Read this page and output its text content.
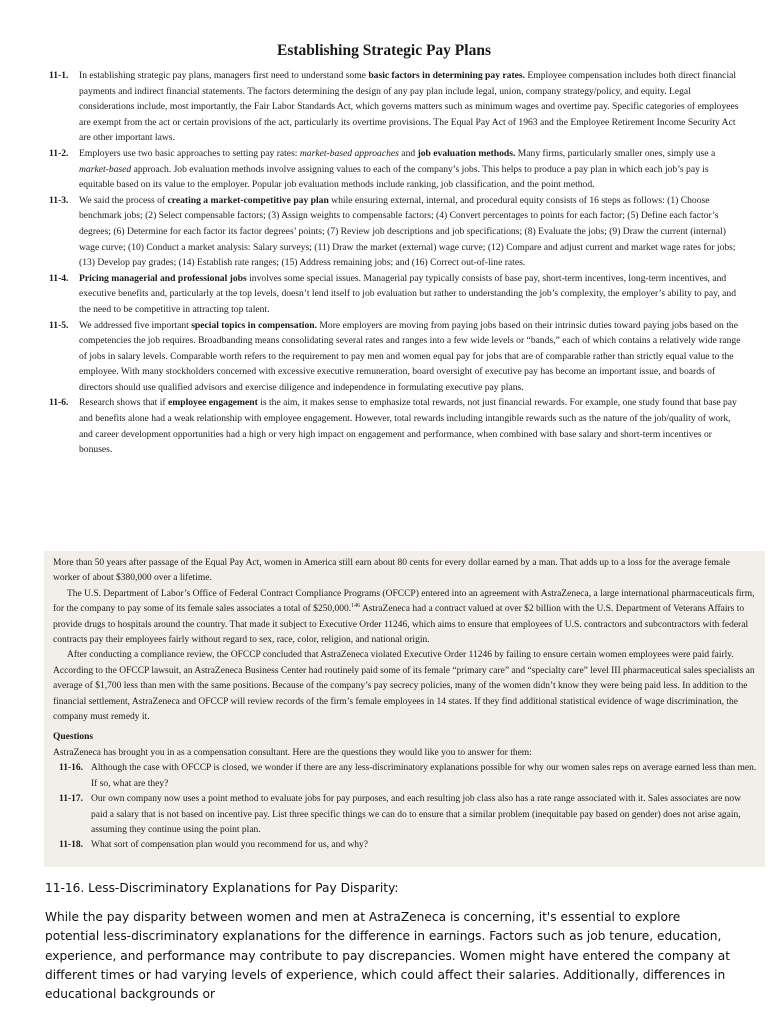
Establishing Strategic Pay Plans
11-1. In establishing strategic pay plans, managers first need to understand some basic factors in determining pay rates. Employee compensation includes both direct financial payments and indirect financial statements. The factors determining the design of any pay plan include legal, union, company strategy/policy, and equity. Legal considerations include, most importantly, the Fair Labor Standards Act, which governs matters such as minimum wages and overtime pay. Specific categories of employees are exempt from the act or certain provisions of the act, particularly its overtime provisions. The Equal Pay Act of 1963 and the Employee Retirement Income Security Act are other important laws.
11-2. Employers use two basic approaches to setting pay rates: market-based approaches and job evaluation methods. Many firms, particularly smaller ones, simply use a market-based approach. Job evaluation methods involve assigning values to each of the company’s jobs. This helps to produce a pay plan in which each job’s pay is equitable based on its value to the employer. Popular job evaluation methods include ranking, job classification, and the point method.
11-3. We said the process of creating a market-competitive pay plan while ensuring external, internal, and procedural equity consists of 16 steps as follows: (1) Choose benchmark jobs; (2) Select compensable factors; (3) Assign weights to compensable factors; (4) Convert percentages to points for each factor; (5) Define each factor’s degrees; (6) Determine for each factor its factor degrees’ points; (7) Review job descriptions and job specifications; (8) Evaluate the jobs; (9) Draw the current (internal) wage curve; (10) Conduct a market analysis: Salary surveys; (11) Draw the market (external) wage curve; (12) Compare and adjust current and market wage rates for jobs; (13) Develop pay grades; (14) Establish rate ranges; (15) Address remaining jobs; and (16) Correct out-of-line rates.
11-4. Pricing managerial and professional jobs involves some special issues. Managerial pay typically consists of base pay, short-term incentives, long-term incentives, and executive benefits and, particularly at the top levels, doesn’t lend itself to job evaluation but rather to understanding the job’s complexity, the employer’s ability to pay, and the need to be competitive in attracting top talent.
11-5. We addressed five important special topics in compensation. More employers are moving from paying jobs based on their intrinsic duties toward paying jobs based on the competencies the job requires. Broadbanding means consolidating several rates and ranges into a few wide levels or “bands,” each of which contains a relatively wide range of jobs in salary levels. Comparable worth refers to the requirement to pay men and women equal pay for jobs that are of comparable rather than strictly equal value to the employee. With many stockholders concerned with excessive executive remuneration, board oversight of executive pay has become an important issue, and boards of directors should use qualified advisors and exercise diligence and independence in formulating executive pay plans.
11-6. Research shows that if employee engagement is the aim, it makes sense to emphasize total rewards, not just financial rewards. For example, one study found that base pay and benefits alone had a weak relationship with employee engagement. However, total rewards including intangible rewards such as the nature of the job/quality of work, and career development opportunities had a high or very high impact on engagement and performance, when combined with base salary and short-term incentives or bonuses.

More than 50 years after passage of the Equal Pay Act, women in America still earn about 80 cents for every dollar earned by a man. That adds up to a loss for the average female worker of about $380,000 over a lifetime.

The U.S. Department of Labor’s Office of Federal Contract Compliance Programs (OFCCP) entered into an agreement with AstraZeneca, a large international pharmaceuticals firm, for the company to pay some of its female sales associates a total of $250,000.$^{146}$ AstraZeneca had a contract valued at over $2 billion with the U.S. Department of Veterans Affairs to provide drugs to hospitals around the country. That made it subject to Executive Order 11246, which aims to ensure that employees of U.S. contractors and subcontractors with federal contracts pay their employees fairly without regard to sex, race, color, religion, and national origin.

After conducting a compliance review, the OFCCP concluded that AstraZeneca violated Executive Order 11246 by failing to ensure certain women employees were paid fairly. According to the OFCCP lawsuit, an AstraZeneca Business Center had routinely paid some of its female “primary care” and “specialty care” level III pharmaceutical sales specialists an average of $1,700 less than men with the same positions. Because of the company’s pay secrecy policies, many of the women didn’t know they were being paid less. In addition to the financial settlement, AstraZeneca and OFCCP will review records of the firm’s female employees in 14 states. If they find additional statistical evidence of wage discrimination, the company must remedy it.

Questions

AstraZeneca has brought you in as a compensation consultant. Here are the questions they would like you to answer for them:

11-16. Although the case with OFCCP is closed, we wonder if there are any less-discriminatory explanations possible for why our women sales reps on average earned less than men. If so, what are they?
11-17. Our own company now uses a point method to evaluate jobs for pay purposes, and each resulting job class also has a rate range associated with it. Sales associates are now paid a salary that is not based on incentive pay. List three specific things we can do to ensure that a similar problem (inequitable pay based on gender) does not arise again, assuming they continue using the point plan.
11-18. What sort of compensation plan would you recommend for us, and why?
11-16. Less-Discriminatory Explanations for Pay Disparity:

While the pay disparity between women and men at AstraZeneca is concerning, it's essential to explore potential less-discriminatory explanations for the difference in earnings. Factors such as job tenure, education, experience, and performance may contribute to pay discrepancies. Women might have entered the company at different times or had varying levels of experience, which could affect their salaries. Additionally, differences in educational backgrounds or
